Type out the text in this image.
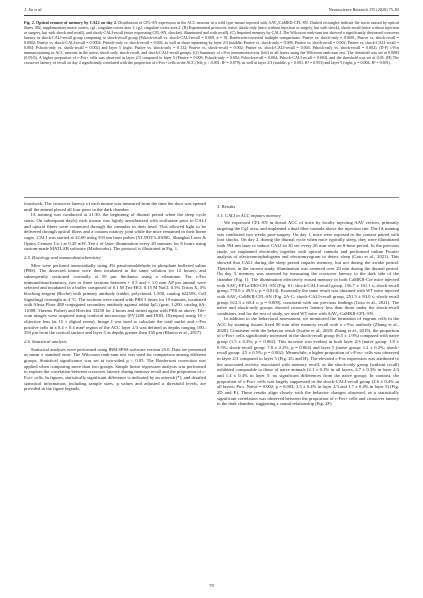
J. Jia et al.	Neuroscience Research 155 (2020) 75–83
Fig. 2. Optical erasure of memory by CALI on day 2. Distribution of CFL-SN expression in the ACC neurons in a wild type mouse injected with AAV₂/CaMKII-CFL-SN. Dashed rectangles indicate the tracts caused by optical fibers. M2, supplementary motor cortex; cg1, cingulate cortex area 1; cg2, cingulate cortex area 2. (B) Experimental protocols: naïve, shock-only (mice without injection or surgery, but with shock), shock-recall (mice without injection or surgery, but with shock and recall), and shock-CALI-recall (mice expressing CFL-SN, shocked, illuminated and with recall). (C) Impaired memory by CALI. The Wilcoxon rank-sum test showed a significantly decreased crossover latency in shock-CALI-recall group comparing to shock-recall group (Pshock-recall vs. shock-CALI-recall = 0.009, n = 9). Bonferroni-corrected multiple comparisons: Pnaïve vs. shock-only = 0.0001; Pnaïve vs. shock-recall = 0.0002; Pnaïve vs. shock-CALI-recall = 0.0004; Pshock-only vs. shock-recall = 0.002, as well as those separating by layer 2/3 (middle; Pnaïve vs. shock-only = 0.009; Pnaïve vs. shock-recall = 0.002; Pnaïve vs. shock-CALI-recall = 0.004; Pshock-only vs. shock-recall = 0.002) and layer 5 (right; Pnaïve vs. shock-only = 0.132; Pnaïve vs. shock-recall = 0.002; Pnaïve vs. shock-CALI-recall = 0.004; Pshock-only vs. shock-recall = 0.002). (D-F) c-Fos immunostaining in ACC neurons in the naïve, shock-only, shock-recall, and shock-CALI-recall groups. (G) Summary of c-Fos immunoreactivity (left) in all layers using the Wilcoxon rank-sum test. The threshold was set at 0.0083 (0.05/6). A higher proportion of c-Fos+ cells was observed in layer 2/3 compared to layer 5 (Pnaïve = 0.009; Pshock-only = 0.002; Pshock-recall = 0.004; Pshock-CALI-recall = 0.004), and the threshold was set at 0.05. (H) The crossover latency of recall on day 2 significantly correlated with the proportion of c-Fos+ cells in the ACC (left; p < 0.001, R² = 0.879), as well at layer 2/3 (middle; p < 0.001, R² = 0.953) and layer 5 (right; p = 0.004, R² = 0.691).

footshock. The crossover latency of each mouse was measured from the time the door was opened until the animal placed all four paws in the dark chamber.

IA training was conducted at 21:30, the beginning of diurnal period when the sleep cycle starts. On subsequent day(s) each mouse was lightly anesthetized with isoflurane prior to CALI and optical fibers were connected through the cannulas in their head. This allowed light to be delivered through optical fibers and a custom rotatory joint while the mice remained in their home cages. CALI was started at 22:00 using 593 nm laser pulses (YL593T3–0300C, Shanghai Laser & Optics Century Co.) at 0.45 mW. Ten s of laser illumination every 20 minutes for 8 hours using custom-made MATLAB software (Mathworks). The protocol is illustrated in Fig. 1.

2.5. Histology and immunohistochemistry

Mice were perfused transcardially using 4% paraformaldehyde in phosphate buffered saline (PBS). The dissected brains were then incubated in the same solution (or 12 hours), and subsequently sectioned coronally at 50 μm thickness using a vibratome. For c-Fos immunohistochemistry, two or three sections between + 0.5 and + 1.0 mm AP per animal were selected and incubated in a buffer composed of 0.1 M Tris-HCl, 0.15 M NaCl, 0.5% Triton X, 5% blocking reagent (Roche) with primary antibody (rabbit, polyclonal, 1:500, catalog #2250S, Cell Signaling) overnight at 4 °C. The sections were rinsed with PBS 3 times for 10 minutes, incubated with Alexa Fluor 488 conjugated secondary antibody against rabbit IgG (goat, 1:200, catalog #A-11008, Thermo Fisher) and Hoechst 33258 for 2 hours and rinsed again with PBS as above. Tile-scan images were acquired using confocal microscopy (FV1200 and IX83, Olympus) using 10 × objective lens (at 15 × digital zoom). Image J was used to calculate the total nuclei and c-Fos positive cells in a 0.4 × 0.4 mm² region of the ACC layer 2/3 was defined as depths ranging 100–350 μm from the cortical surface and layer 5 as depths greater than 350 μm (Blanco et al., 2017).

2.6. Statistical analysis

Statistical analyses were performed using IBM SPSS software version 25.0. Data are presented as mean ± standard error. The Wilcoxon rank-sum test was used for comparison among different groups. Statistical significance was set at two-sided p < 0.05. The Bonferroni correction was applied when comparing more than two groups. Simple linear regression analysis was performed to explore the correlation between crossover latency during memory recall and the proportion of c-Fos+ cells. In figures, statistically significant difference is indicated by an asterisk (*), and detailed statistical information, including sample sizes, p values and adjusted α threshold levels, are provided in the figure legends.

3. Results
3.1. CALI in ACC impairs memory

We expressed CFL-SN in dorsal ACC of mice by locally injecting AAV vectors, primarily targeting the Cg1 area, and implanted a dual-fiber cannula above the injection site. The IA training was conducted two weeks post-surgery. On day 1, mice were exposed to the context paired with foot shocks. On day 2, during the diurnal cycle when mice typically sleep, they were illuminated with 594 nm laser to induce CALI in 30 sec every 20 min over an 8-hour period. In the previous study, we implanted electrodes together with optical cannula and performed online Fourier analysis of electroencephalogram and electromyogram to detect sleep (Goto et al., 2021). This showed that CALI during the sleep period impairs memory, but not during the awake period. Therefore, in the current study, illumination was centered over 20 min during the diurnal period. On day 3, memory was assessed by measuring the crossover latency to the dark side of the chamber (Fig. 1). The illumination effectively erased memory in both CaMKII-Cre mice injected with AAV₂-EF1α-DIO-CFL-SN (Fig. S1; shock-CALI-recall group, 156.7 ± 101.1 s; shock-recall group, 770.0 ± 49.9 s; p = 0.014). Essentially the same result was obtained with WT mice injected with AAV₂-CaMKII-CFL-SN (Fig. 2A-C; shock-CALI-recall group, 251.5 ± 84.0 s; shock-recall group, 612.3 ± 60.4 s; p = 0.009), consistent with our previous findings (Goto et al., 2021). The naïve and shock-only groups showed crossover latency less than those under the shock-recall conditions, and for the rest of study, we used WT mice with AAV₂-CaMKII-CFL-SN.

In addition to the behavioral assessment, we monitored the formation of engram cells in the ACC by staining tissues fixed 90 min after memory recall with a c-Fos antibody (Zhang et al., 2020). Consistent with the behavior result (Scribe et al., 2020; Zhang et al., 2019), the proportion of c-Fos+ cells significantly increased in the shock-recall group (6.5 ± 1.9%) compared with naïve group (1.5 ± 0.3%; p = 0.002). This increase was evident in both layer 2/3 (naïve group: 1.8 ± 0.5%; shock-recall group: 7.8 ± 2.2%; p = 0.002) and layer 5 (naïve group: 1.2 ± 0.2%; shock-recall group: 4.5 ± 0.5%; p = 0.002). Meanwhile, a higher proportion of c-Fos+ cells was observed in layer 2/3 compared to layer 5 (Fig. 2G and H). The elevated c-Fos expression was attributed to the associated activity associated with memory recall, as the shock-only group (without recall) exhibited comparable to those of naïve animals (2.1 ± 0.1% in all layers, 2.7 ± 0.3% in layer 2/3 and 1.4 ± 0.4% in layer 5; no significant differences from the naïve group). In contrast, the proportion of c-Fos+ cells was largely suppressed in the shock-CALI-recall group (2.6 ± 0.4% in all layers; Pn.s. Naïve = 0.002; p = 0.002; 3.5 ± 0.4% in layer 2/3 and 1.7 ± 0.4% in layer 5) (Fig. 2D and E). These results align closely with the behavior changes observed, as a statistically significant correlation was observed between the proportion of c-Fos+ cells and crossover latency to the dark chamber, suggesting a causal relationship (Fig. 2F).

78
